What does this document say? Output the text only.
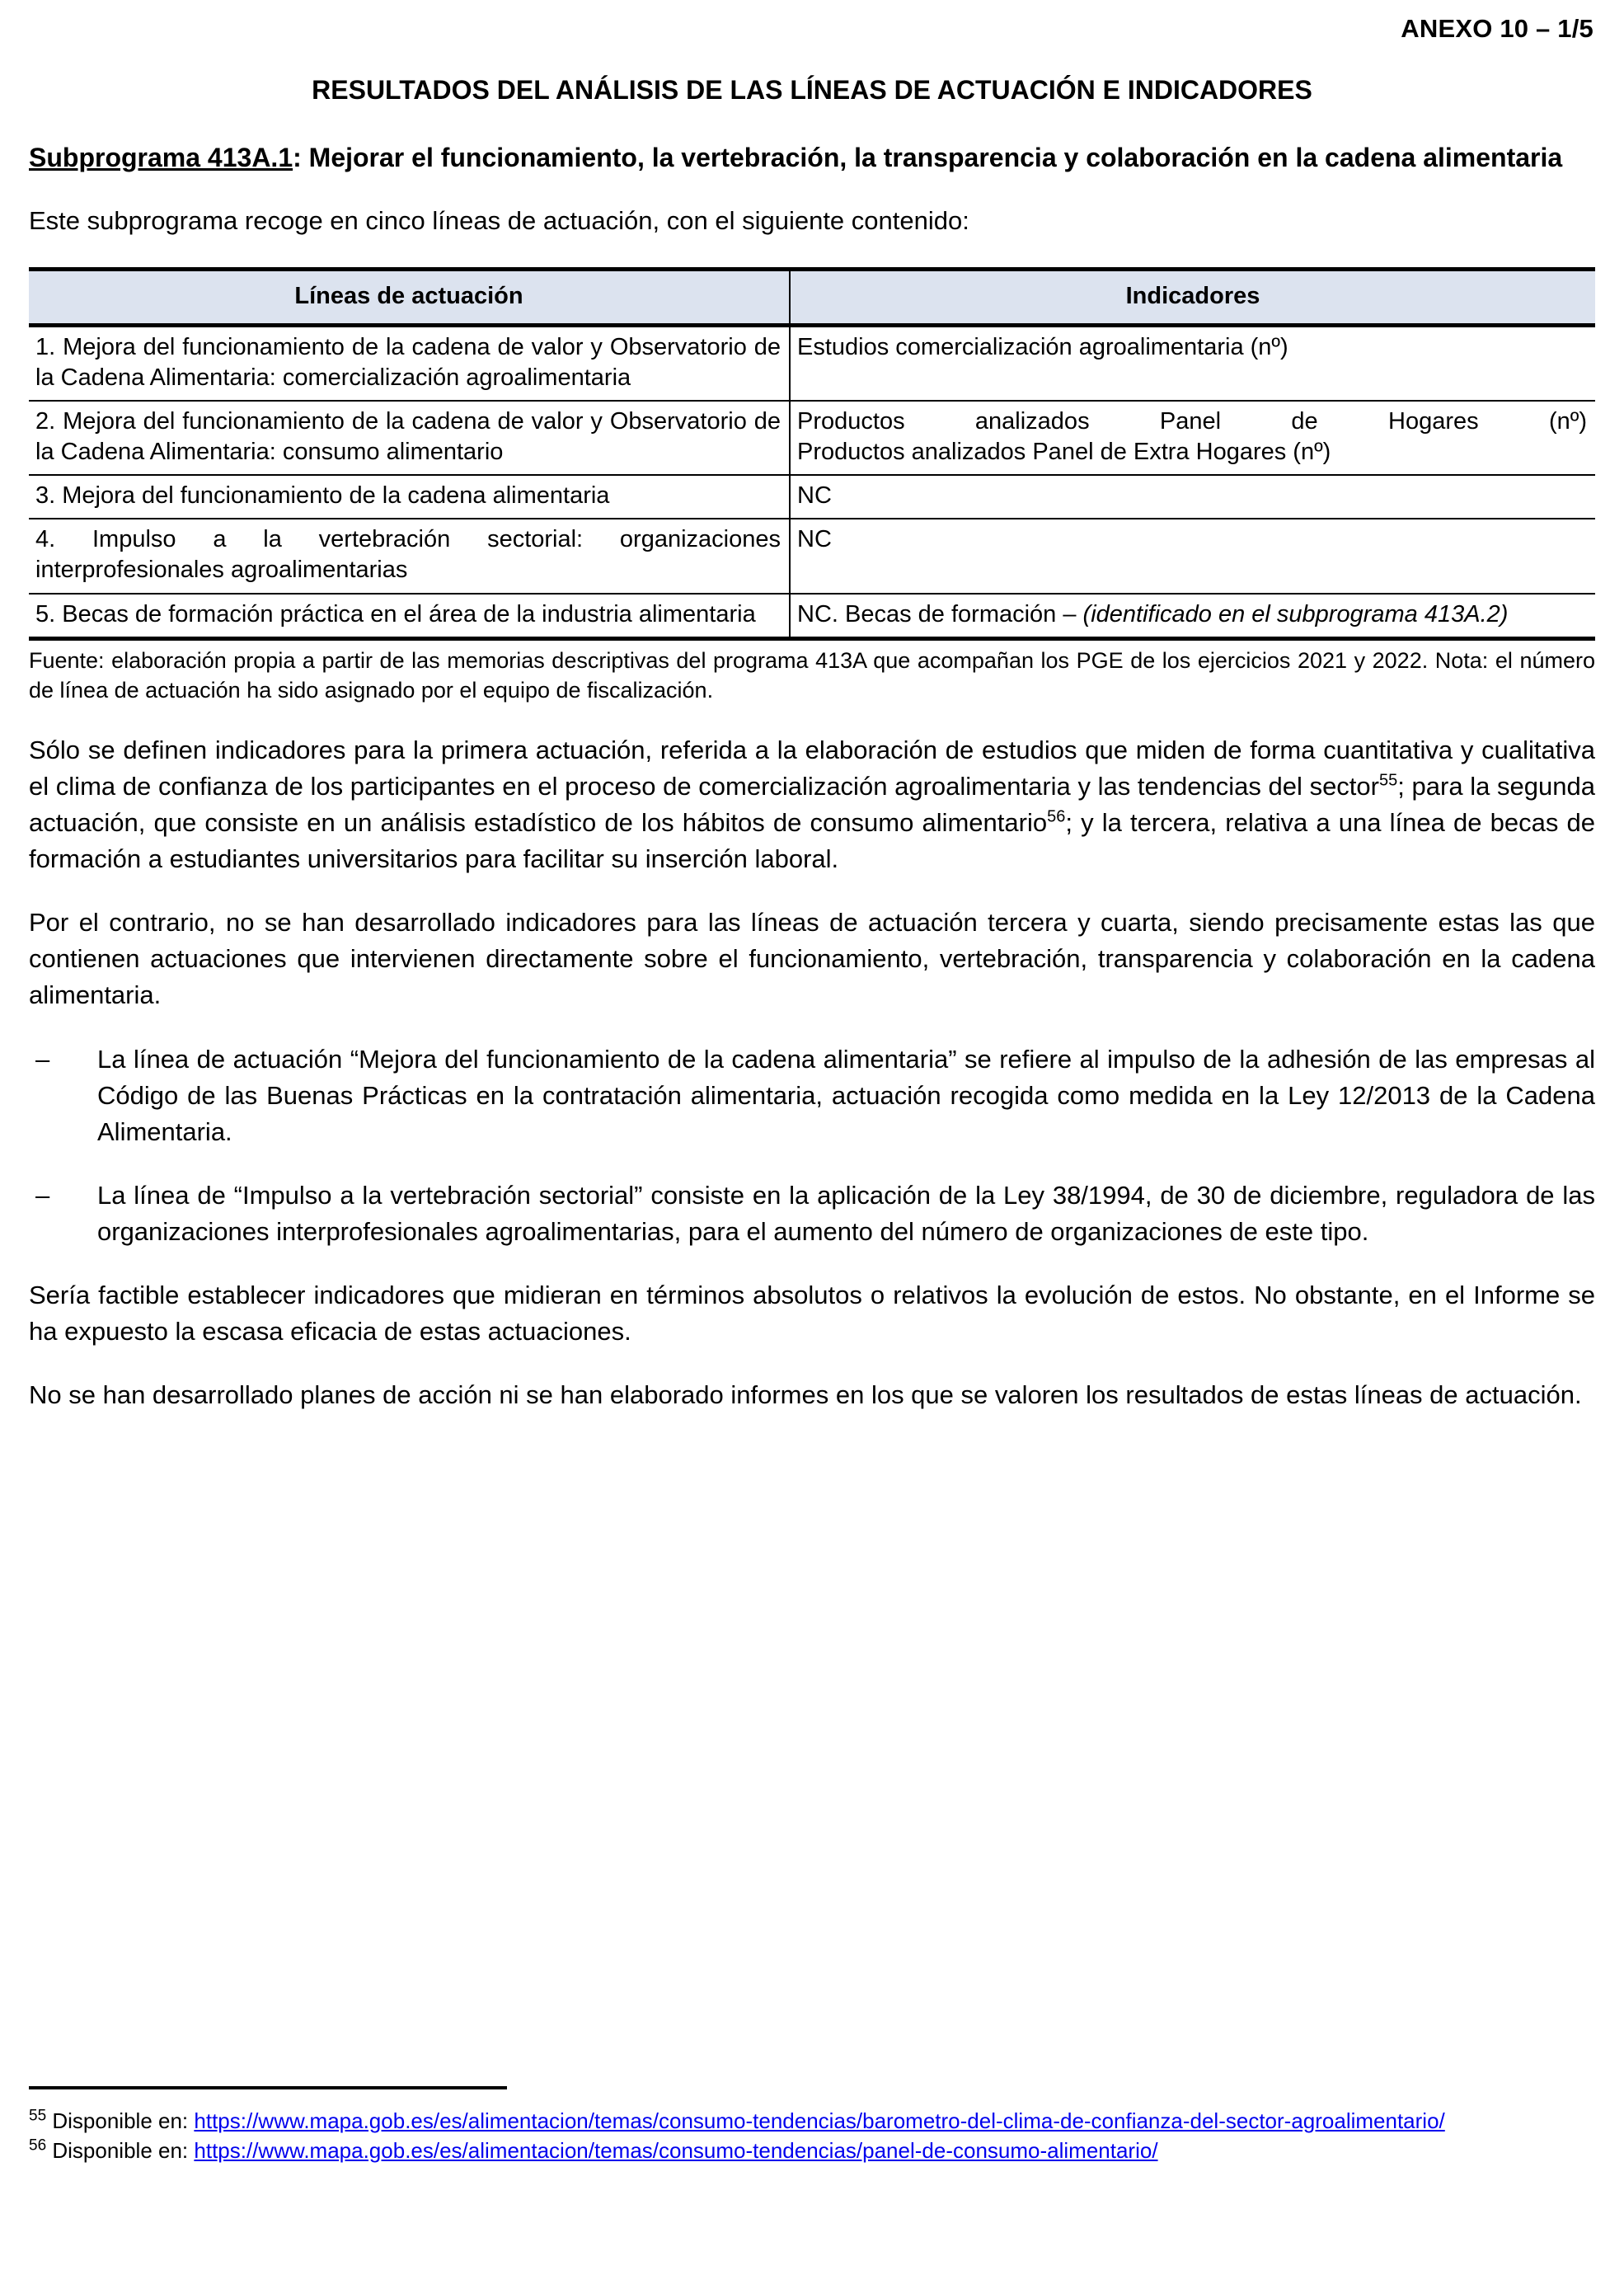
ANEXO 10 – 1/5
RESULTADOS DEL ANÁLISIS DE LAS LÍNEAS DE ACTUACIÓN E INDICADORES

Subprograma 413A.1: Mejorar el funcionamiento, la vertebración, la transparencia y colaboración en la cadena alimentaria

Este subprograma recoge en cinco líneas de actuación, con el siguiente contenido:

Líneas de actuación	Indicadores
1. Mejora del funcionamiento de la cadena de valor y Observatorio de la Cadena Alimentaria: comercialización agroalimentaria	Estudios comercialización agroalimentaria (nº)
2. Mejora del funcionamiento de la cadena de valor y Observatorio de la Cadena Alimentaria: consumo alimentario	Productos analizados Panel de Hogares (nº)
Productos analizados Panel de Extra Hogares (nº)

3. Mejora del funcionamiento de la cadena alimentaria	NC
4. Impulso a la vertebración sectorial: organizaciones interprofesionales agroalimentarias	NC
5. Becas de formación práctica en el área de la industria alimentaria	NC. Becas de formación – (identificado en el subprograma 413A.2)
Fuente: elaboración propia a partir de las memorias descriptivas del programa 413A que acompañan los PGE de los ejercicios 2021 y 2022. Nota: el número de línea de actuación ha sido asignado por el equipo de fiscalización.

Sólo se definen indicadores para la primera actuación, referida a la elaboración de estudios que miden de forma cuantitativa y cualitativa el clima de confianza de los participantes en el proceso de comercialización agroalimentaria y las tendencias del sector$^{55}$; para la segunda actuación, que consiste en un análisis estadístico de los hábitos de consumo alimentario$^{56}$; y la tercera, relativa a una línea de becas de formación a estudiantes universitarios para facilitar su inserción laboral.

Por el contrario, no se han desarrollado indicadores para las líneas de actuación tercera y cuarta, siendo precisamente estas las que contienen actuaciones que intervienen directamente sobre el funcionamiento, vertebración, transparencia y colaboración en la cadena alimentaria.

– La línea de actuación “Mejora del funcionamiento de la cadena alimentaria” se refiere al impulso de la adhesión de las empresas al Código de las Buenas Prácticas en la contratación alimentaria, actuación recogida como medida en la Ley 12/2013 de la Cadena Alimentaria.
– La línea de “Impulso a la vertebración sectorial” consiste en la aplicación de la Ley 38/1994, de 30 de diciembre, reguladora de las organizaciones interprofesionales agroalimentarias, para el aumento del número de organizaciones de este tipo.

Sería factible establecer indicadores que midieran en términos absolutos o relativos la evolución de estos. No obstante, en el Informe se ha expuesto la escasa eficacia de estas actuaciones.

No se han desarrollado planes de acción ni se han elaborado informes en los que se valoren los resultados de estas líneas de actuación.

$^{55}$ Disponible en: https://www.mapa.gob.es/es/alimentacion/temas/consumo-tendencias/barometro-del-clima-de-confianza-del-sector-agroalimentario/
$^{56}$ Disponible en: https://www.mapa.gob.es/es/alimentacion/temas/consumo-tendencias/panel-de-consumo-alimentario/
